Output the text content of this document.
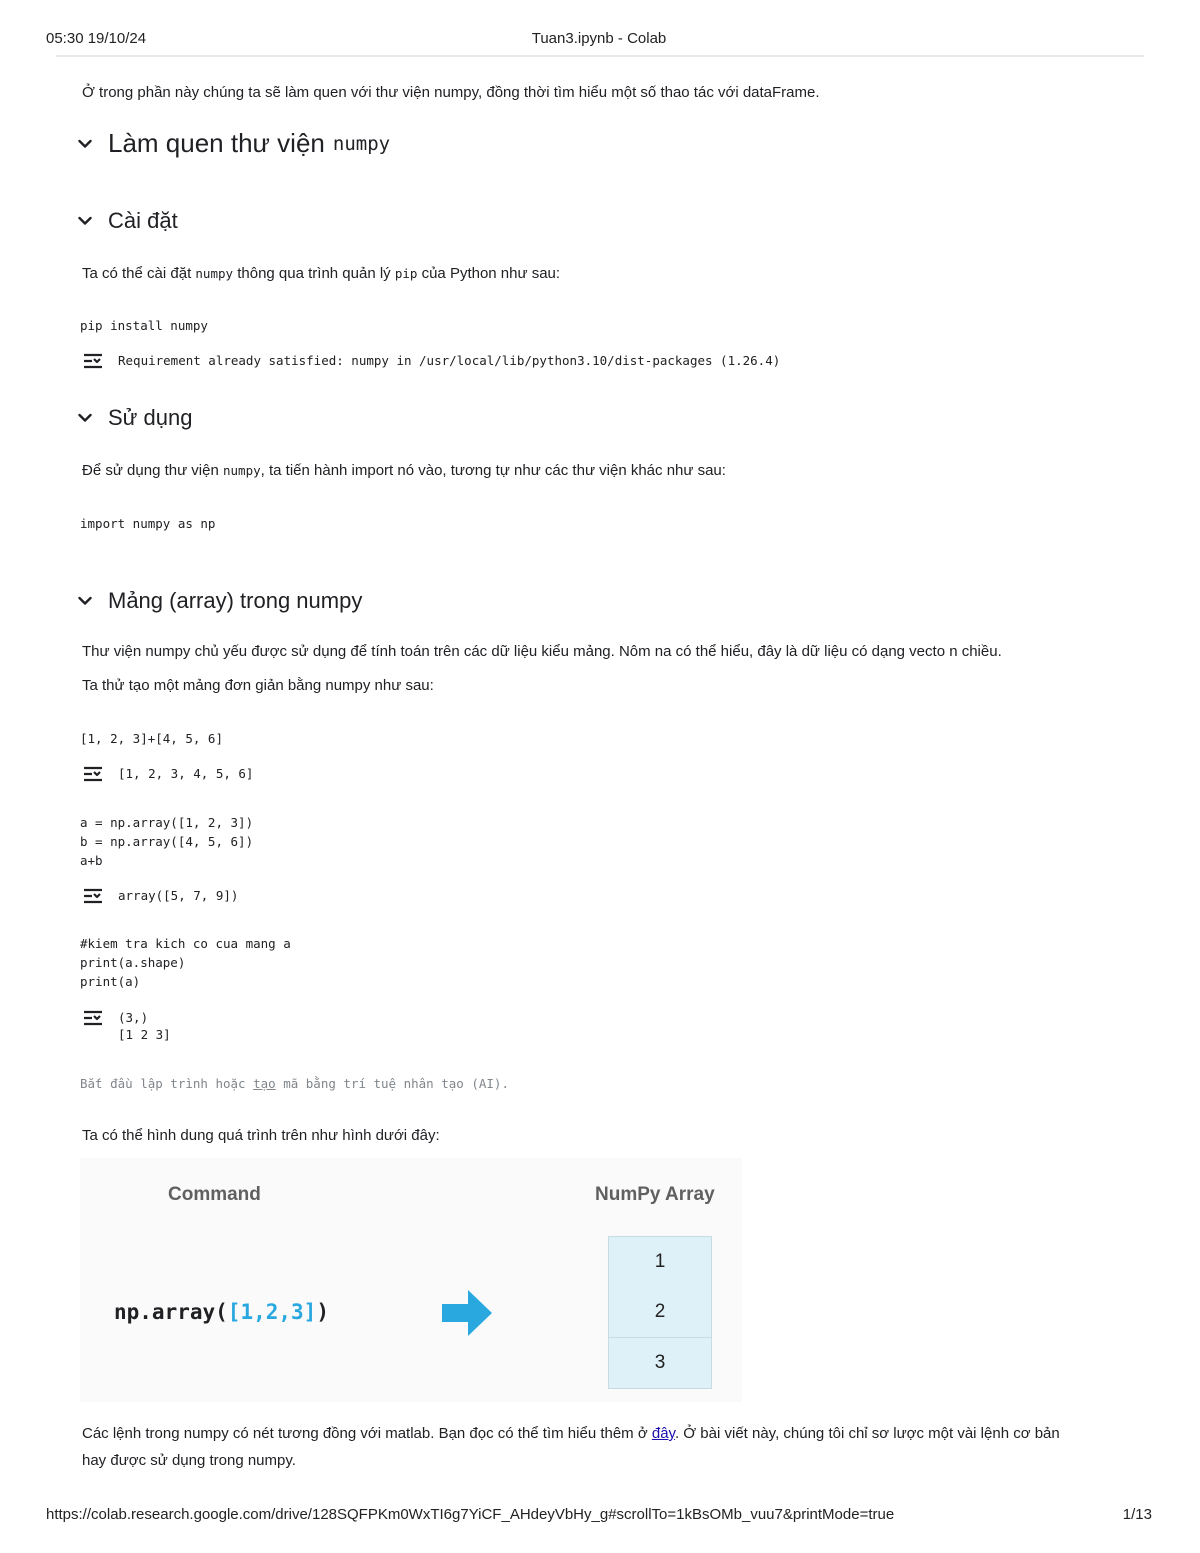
05:30 19/10/24	Tuan3.ipynb - Colab
Ở trong phần này chúng ta sẽ làm quen với thư viện numpy, đồng thời tìm hiểu một số thao tác với dataFrame.
Làm quen thư viện numpy
Cài đặt
Ta có thể cài đặt numpy thông qua trình quản lý pip của Python như sau:
pip install numpy
Requirement already satisfied: numpy in /usr/local/lib/python3.10/dist-packages (1.26.4)
Sử dụng
Để sử dụng thư viện numpy, ta tiến hành import nó vào, tương tự như các thư viện khác như sau:
import numpy as np
Mảng (array) trong numpy
Thư viện numpy chủ yếu được sử dụng để tính toán trên các dữ liệu kiểu mảng. Nôm na có thể hiểu, đây là dữ liệu có dạng vecto n chiều.
Ta thử tạo một mảng đơn giản bằng numpy như sau:
[1, 2, 3]+[4, 5, 6]
[1, 2, 3, 4, 5, 6]
a = np.array([1, 2, 3])
b = np.array([4, 5, 6])
a+b
array([5, 7, 9])
#kiem tra kich co cua mang a
print(a.shape)
print(a)
(3,)
[1 2 3]
Bắt đầu lập trình hoặc tạo mã bằng trí tuệ nhân tạo (AI).
Ta có thể hình dung quá trình trên như hình dưới đây:
Command	NumPy Array
np.array([1,2,3])
1
2
3
Các lệnh trong numpy có nét tương đồng với matlab. Bạn đọc có thể tìm hiểu thêm ở đây. Ở bài viết này, chúng tôi chỉ sơ lược một vài lệnh cơ bản hay được sử dụng trong numpy.
https://colab.research.google.com/drive/128SQFPKm0WxTI6g7YiCF_AHdeyVbHy_g#scrollTo=1kBsOMb_vuu7&printMode=true	1/13
